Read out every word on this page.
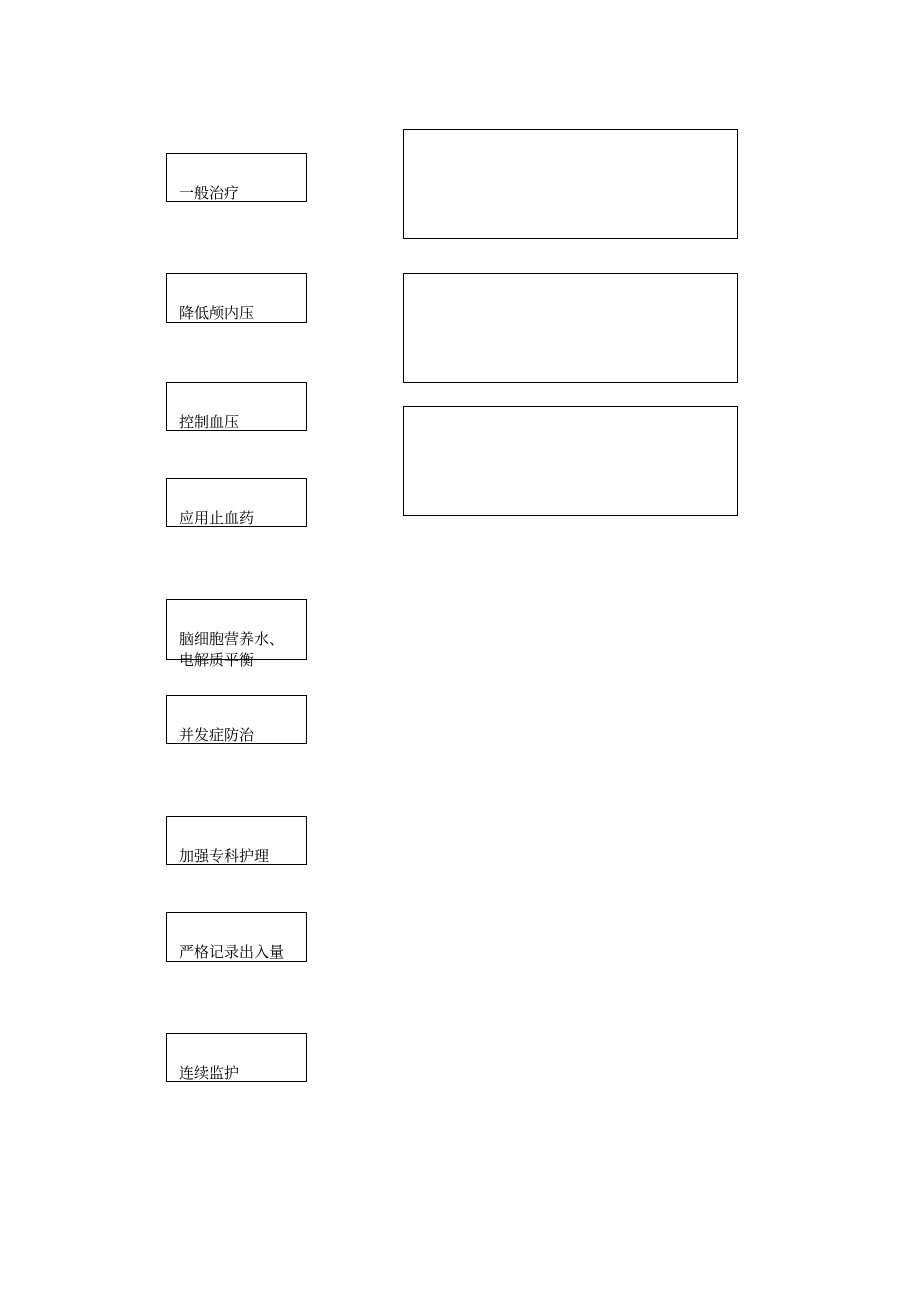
一般治疗

降低颅内压

控制血压

应用止血药

脑细胞营养水、
电解质平衡

并发症防治

加强专科护理

严格记录出入量

连续监护
